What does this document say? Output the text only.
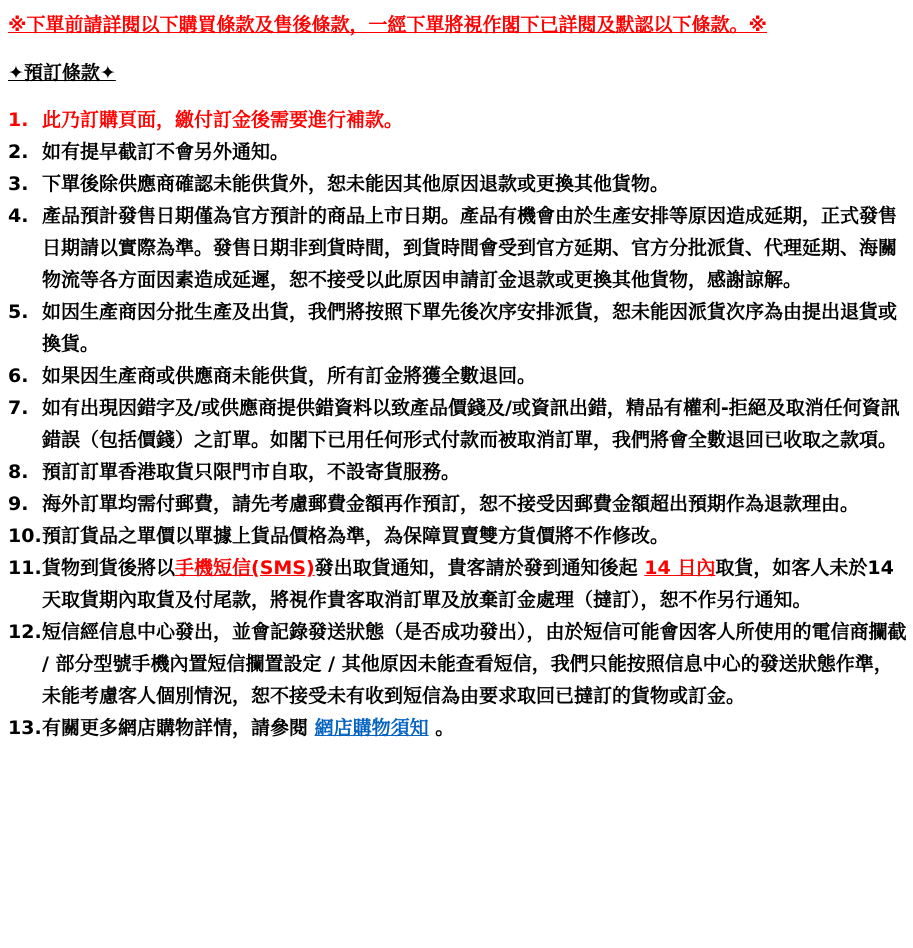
※下單前請詳閱以下購買條款及售後條款，一經下單將視作閣下已詳閱及默認以下條款。※
✦預訂條款✦
1. 此乃訂購頁面，繳付訂金後需要進行補款。
2. 如有提早截訂不會另外通知。
3. 下單後除供應商確認未能供貨外，恕未能因其他原因退款或更換其他貨物。
4. 產品預計發售日期僅為官方預計的商品上市日期。產品有機會由於生產安排等原因造成延期，正式發售日期請以實際為準。發售日期非到貨時間，到貨時間會受到官方延期、官方分批派貨、代理延期、海關物流等各方面因素造成延遲，恕不接受以此原因申請訂金退款或更換其他貨物，感謝諒解。
5. 如因生產商因分批生產及出貨，我們將按照下單先後次序安排派貨，恕未能因派貨次序為由提出退貨或換貨。
6. 如果因生產商或供應商未能供貨，所有訂金將獲全數退回。
7. 如有出現因錯字及/或供應商提供錯資料以致產品價錢及/或資訊出錯，精品有權利-拒絕及取消任何資訊錯誤（包括價錢）之訂單。如閣下已用任何形式付款而被取消訂單，我們將會全數退回已收取之款項。
8. 預訂訂單香港取貨只限門市自取，不設寄貨服務。
9. 海外訂單均需付郵費，請先考慮郵費金額再作預訂，恕不接受因郵費金額超出預期作為退款理由。
10. 預訂貨品之單價以單據上貨品價格為準，為保障買賣雙方貨價將不作修改。
11. 貨物到貨後將以手機短信(SMS)發出取貨通知，貴客請於發到通知後起 14 日內取貨，如客人未於14 天取貨期內取貨及付尾款，將視作貴客取消訂單及放棄訂金處理（撻訂），恕不作另行通知。
12. 短信經信息中心發出，並會記錄發送狀態（是否成功發出），由於短信可能會因客人所使用的電信商攔截 / 部分型號手機內置短信攔置設定 / 其他原因未能查看短信，我們只能按照信息中心的發送狀態作準，未能考慮客人個別情況，恕不接受未有收到短信為由要求取回已撻訂的貨物或訂金。
13. 有關更多網店購物詳情，請參閱 網店購物須知 。
